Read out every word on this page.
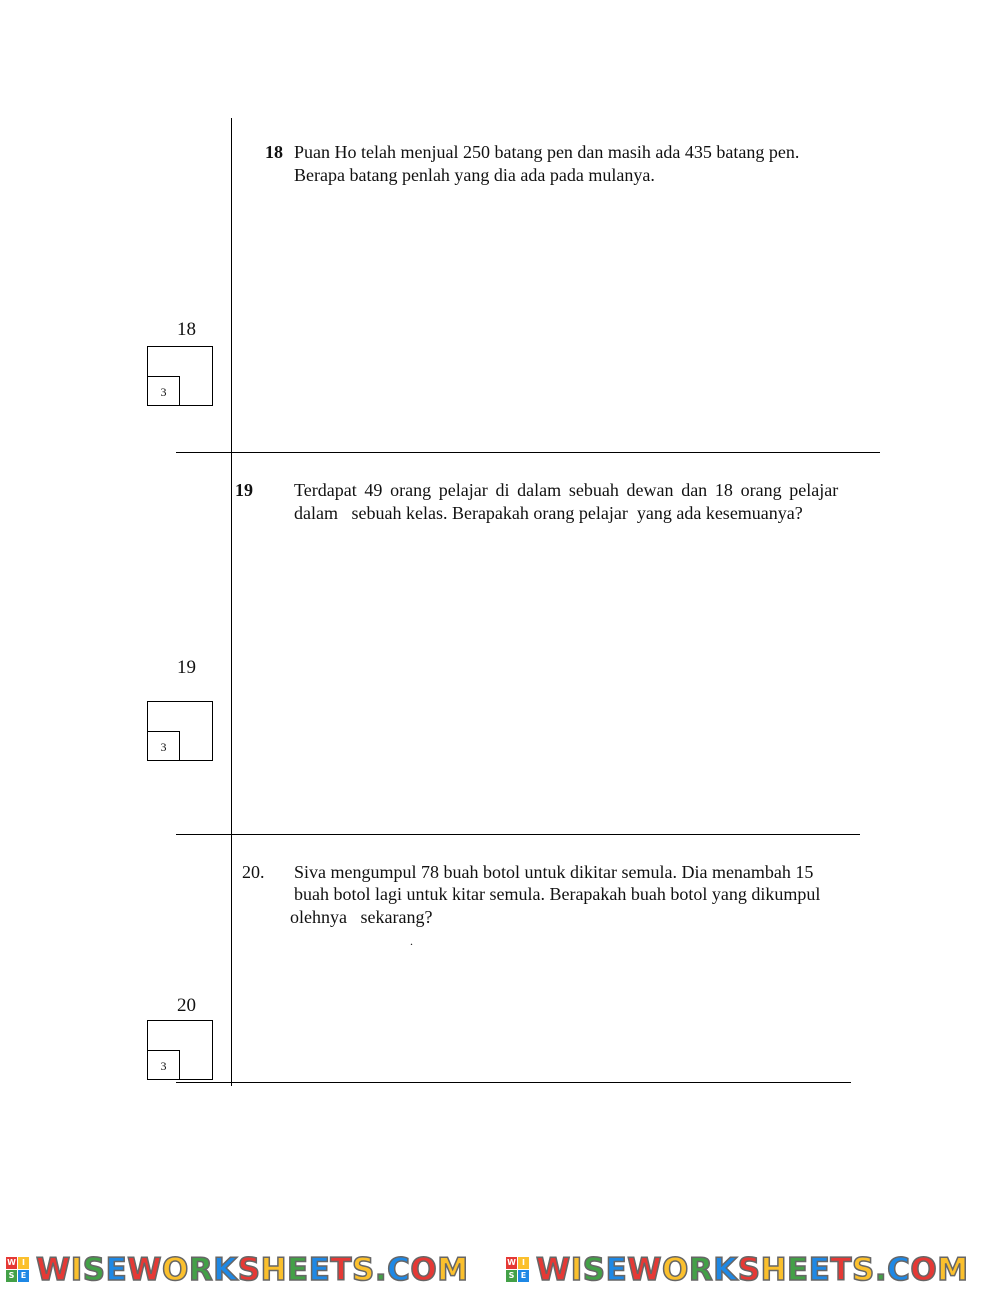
18 Puan Ho telah menjual 250 batang pen dan masih ada 435 batang pen.
Berapa batang penlah yang dia ada pada mulanya.
18
3
19 Terdapat 49 orang pelajar di dalam sebuah dewan dan 18 orang pelajar
dalam   sebuah kelas. Berapakah orang pelajar  yang ada kesemuanya?
19
3
20. Siva mengumpul 78 buah botol untuk dikitar semula. Dia menambah 15
buah botol lagi untuk kitar semula. Berapakah buah botol yang dikumpul
olehnya   sekarang?
.
20
3
W I
S E WISEWORKSHEETS.COM	W I
S E WISEWORKSHEETS.COM
